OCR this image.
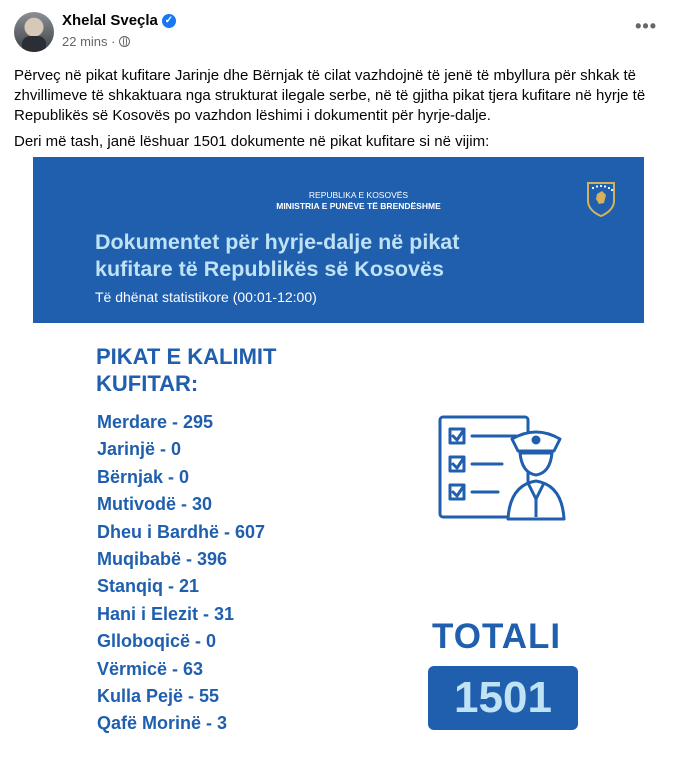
Xhelal Sveçla ✓
22 mins ·
•••

Përveç në pikat kufitare Jarinje dhe Bërnjak të cilat vazhdojnë të jenë të mbyllura për shkak të zhvillimeve të shkaktuara nga strukturat ilegale serbe, në të gjitha pikat tjera kufitare në hyrje të Republikës së Kosovës po vazhdon lëshimi i dokumentit për hyrje-dalje.

Deri më tash, janë lëshuar 1501 dokumente në pikat kufitare si në vijim:

REPUBLIKA E KOSOVËS
MINISTRIA E PUNËVE TË BRENDËSHME
Dokumentet për hyrje-dalje në pikat
kufitare të Republikës së Kosovës
Të dhënat statistikore (00:01-12:00)
PIKAT E KALIMIT
KUFITAR:
Merdare - 295
Jarinjë - 0
Bërnjak - 0
Mutivodë - 30
Dheu i Bardhë - 607
Muqibabë - 396
Stanqiq - 21
Hani i Elezit - 31
Glloboqicë - 0
Vërmicë - 63
Kulla Pejë - 55
Qafë Morinë - 3
TOTALI
1501
